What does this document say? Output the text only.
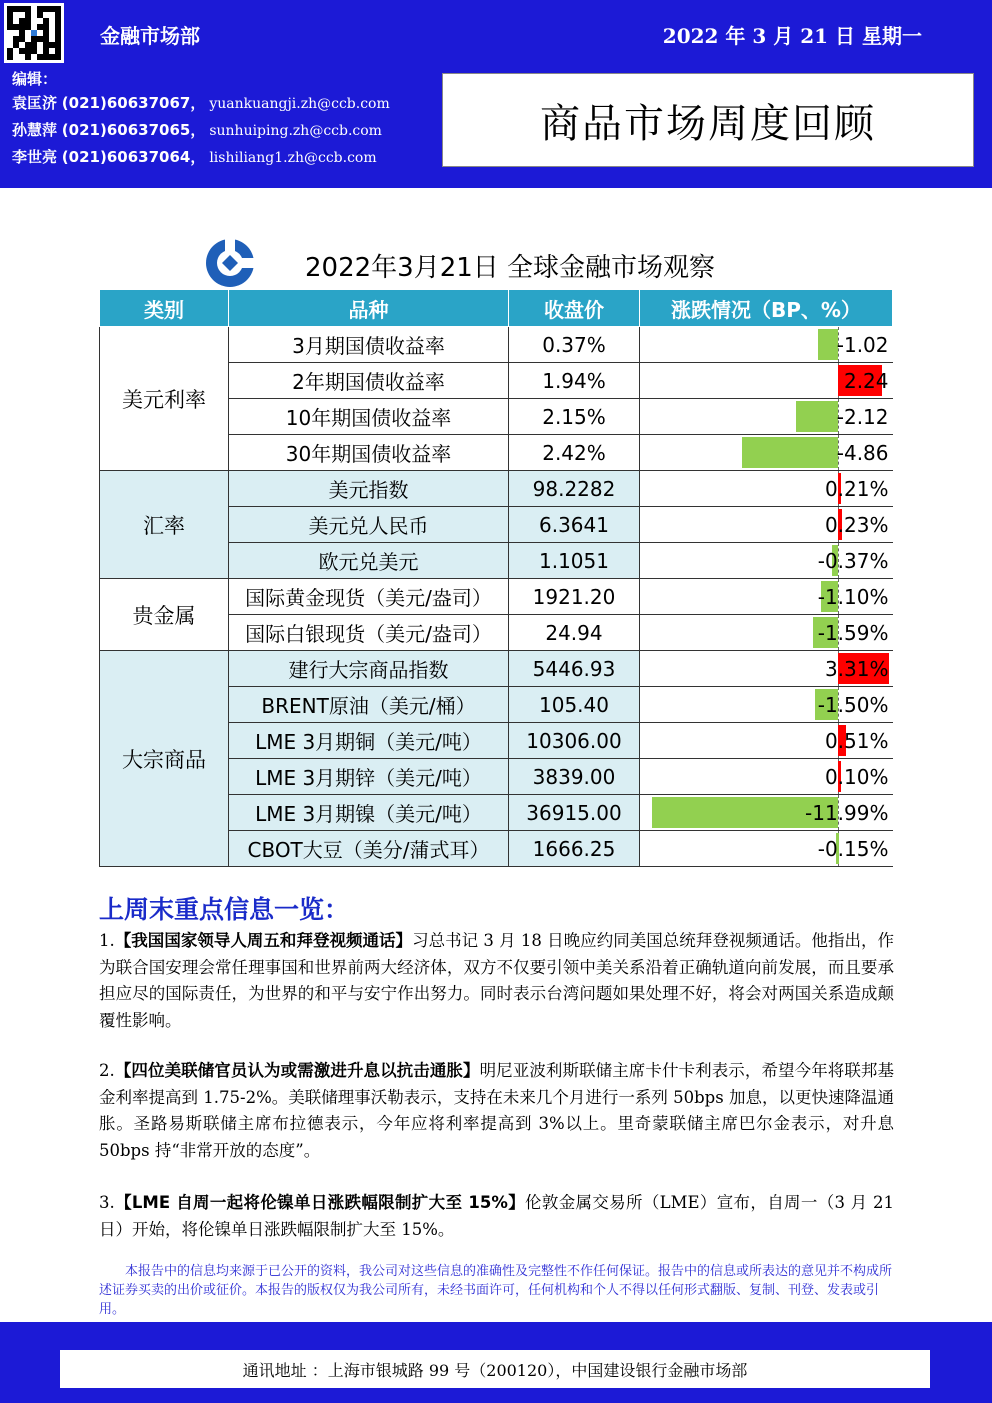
金融市场部	2022 年 3 月 21 日 星期一
编辑：
袁匡济 (021)60637067， yuankuangji.zh@ccb.com
孙慧萍 (021)60637065， sunhuiping.zh@ccb.com
李世亮 (021)60637064， lishiliang1.zh@ccb.com
商品市场周度回顾
2022年3月21日 全球金融市场观察
类别	品种	收盘价	涨跌情况（BP、%）
美元利率	3月期国债收益率	0.37%	-1.02
	2年期国债收益率	1.94%	2.24
	10年期国债收益率	2.15%	-2.12
	30年期国债收益率	2.42%	-4.86
汇率	美元指数	98.2282	0.21%
	美元兑人民币	6.3641	0.23%
	欧元兑美元	1.1051	-0.37%
贵金属	国际黄金现货（美元/盎司）	1921.20	-1.10%
	国际白银现货（美元/盎司）	24.94	-1.59%
大宗商品	建行大宗商品指数	5446.93	3.31%
	BRENT原油（美元/桶）	105.40	-1.50%
	LME 3月期铜（美元/吨）	10306.00	0.51%
	LME 3月期锌（美元/吨）	3839.00	0.10%
	LME 3月期镍（美元/吨）	36915.00	-11.99%
	CBOT大豆（美分/蒲式耳）	1666.25	-0.15%
上周末重点信息一览：
1.【我国国家领导人周五和拜登视频通话】习总书记 3 月 18 日晚应约同美国总统拜登视频通话。他指出，作为联合国安理会常任理事国和世界前两大经济体，双方不仅要引领中美关系沿着正确轨道向前发展，而且要承担应尽的国际责任，为世界的和平与安宁作出努力。同时表示台湾问题如果处理不好，将会对两国关系造成颠覆性影响。
2.【四位美联储官员认为或需激进升息以抗击通胀】明尼亚波利斯联储主席卡什卡利表示，希望今年将联邦基金利率提高到 1.75-2%。美联储理事沃勒表示，支持在未来几个月进行一系列 50bps 加息，以更快速降温通胀。圣路易斯联储主席布拉德表示，今年应将利率提高到 3%以上。里奇蒙联储主席巴尔金表示，对升息 50bps 持“非常开放的态度”。
3.【LME 自周一起将伦镍单日涨跌幅限制扩大至 15%】伦敦金属交易所（LME）宣布，自周一（3 月 21 日）开始，将伦镍单日涨跌幅限制扩大至 15%。
本报告中的信息均来源于已公开的资料，我公司对这些信息的准确性及完整性不作任何保证。报告中的信息或所表达的意见并不构成所述证券买卖的出价或征价。本报告的版权仅为我公司所有，未经书面许可，任何机构和个人不得以任何形式翻版、复制、刊登、发表或引用。
通讯地址 ：上海市银城路 99 号（200120），中国建设银行金融市场部
